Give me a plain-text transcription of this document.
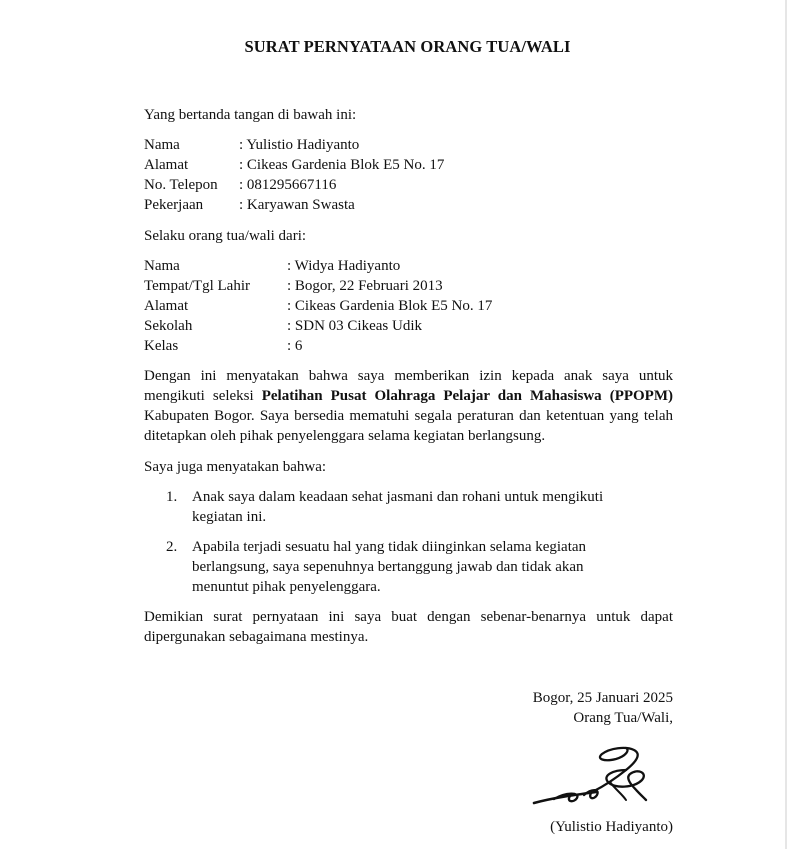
SURAT PERNYATAAN ORANG TUA/WALI
Yang bertanda tangan di bawah ini:
Nama	: Yulistio Hadiyanto
Alamat	: Cikeas Gardenia Blok E5 No. 17
No. Telepon : 081295667116
Pekerjaan : Karyawan Swasta
Selaku orang tua/wali dari:
Nama	: Widya Hadiyanto
Tempat/Tgl Lahir : Bogor, 22 Februari 2013
Alamat	: Cikeas Gardenia Blok E5 No. 17
Sekolah	: SDN 03 Cikeas Udik
Kelas	: 6
Dengan ini menyatakan bahwa saya memberikan izin kepada anak saya untuk mengikuti seleksi Pelatihan Pusat Olahraga Pelajar dan Mahasiswa (PPOPM) Kabupaten Bogor. Saya bersedia mematuhi segala peraturan dan ketentuan yang telah ditetapkan oleh pihak penyelenggara selama kegiatan berlangsung.
Saya juga menyatakan bahwa:
1. Anak saya dalam keadaan sehat jasmani dan rohani untuk mengikuti kegiatan ini.
2. Apabila terjadi sesuatu hal yang tidak diinginkan selama kegiatan berlangsung, saya sepenuhnya bertanggung jawab dan tidak akan menuntut pihak penyelenggara.
Demikian surat pernyataan ini saya buat dengan sebenar-benarnya untuk dapat dipergunakan sebagaimana mestinya.
Bogor, 25 Januari 2025
Orang Tua/Wali,
(Yulistio Hadiyanto)
